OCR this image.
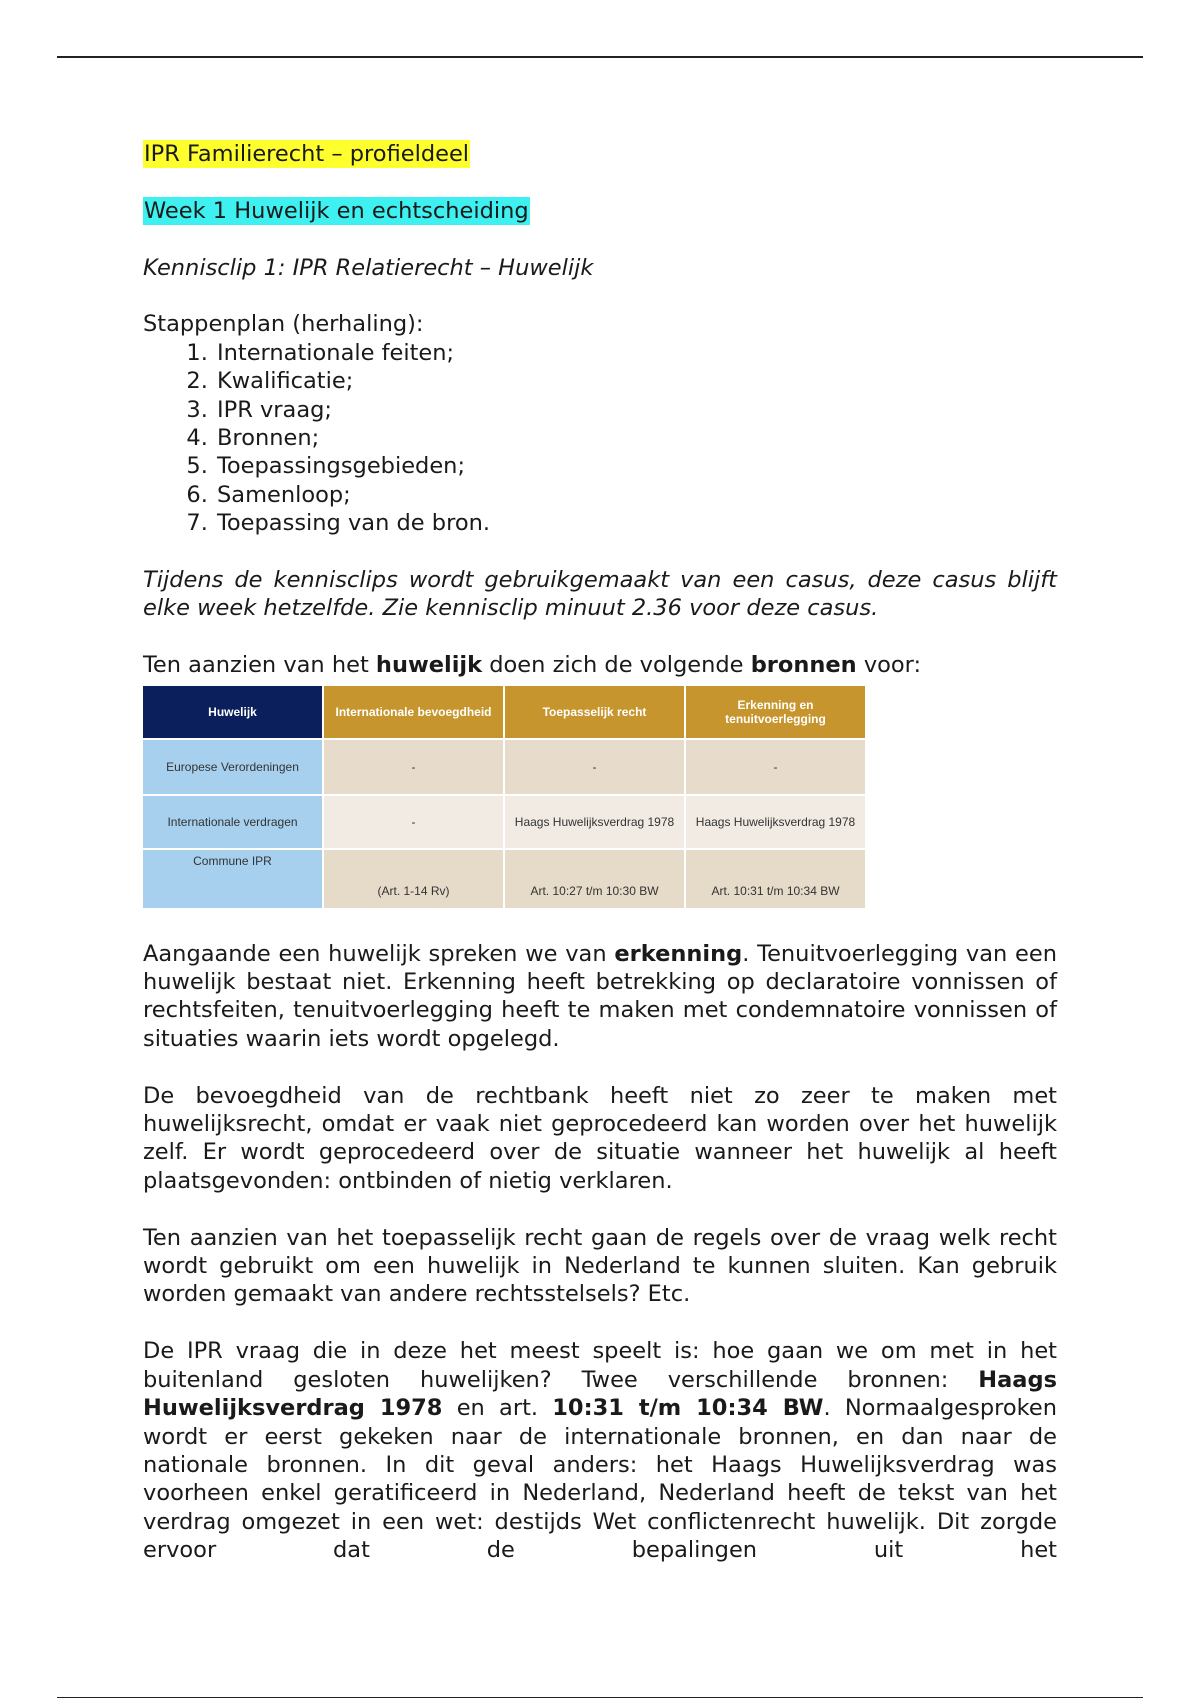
IPR Familierecht – profieldeel

Week 1 Huwelijk en echtscheiding

Kennisclip 1: IPR Relatierecht – Huwelijk

Stappenplan (herhaling):

1. Internationale feiten;
2. Kwalificatie;
3. IPR vraag;
4. Bronnen;
5. Toepassingsgebieden;
6. Samenloop;
7. Toepassing van de bron.

Tijdens de kennisclips wordt gebruikgemaakt van een casus, deze casus blijft elke week hetzelfde. Zie kennisclip minuut 2.36 voor deze casus.

Ten aanzien van het huwelijk doen zich de volgende bronnen voor:

Huwelijk	Internationale bevoegdheid	Toepasselijk recht	Erkenning en tenuitvoerlegging
Europese Verordeningen	-	-	-
Internationale verdragen	-	Haags Huwelijksverdrag 1978	Haags Huwelijksverdrag 1978
Commune IPR	(Art. 1-14 Rv)	Art. 10:27 t/m 10:30 BW	Art. 10:31 t/m 10:34 BW

Aangaande een huwelijk spreken we van erkenning. Tenuitvoerlegging van een huwelijk bestaat niet. Erkenning heeft betrekking op declaratoire vonnissen of rechtsfeiten, tenuitvoerlegging heeft te maken met condemnatoire vonnissen of situaties waarin iets wordt opgelegd.

De bevoegdheid van de rechtbank heeft niet zo zeer te maken met huwelijksrecht, omdat er vaak niet geprocedeerd kan worden over het huwelijk zelf. Er wordt geprocedeerd over de situatie wanneer het huwelijk al heeft plaatsgevonden: ontbinden of nietig verklaren.

Ten aanzien van het toepasselijk recht gaan de regels over de vraag welk recht wordt gebruikt om een huwelijk in Nederland te kunnen sluiten. Kan gebruik worden gemaakt van andere rechtsstelsels? Etc.

De IPR vraag die in deze het meest speelt is: hoe gaan we om met in het buitenland gesloten huwelijken? Twee verschillende bronnen: Haags Huwelijksverdrag 1978 en art. 10:31 t/m 10:34 BW. Normaalgesproken wordt er eerst gekeken naar de internationale bronnen, en dan naar de nationale bronnen. In dit geval anders: het Haags Huwelijksverdrag was voorheen enkel geratificeerd in Nederland, Nederland heeft de tekst van het verdrag omgezet in een wet: destijds Wet conflictenrecht huwelijk. Dit zorgde ervoor dat de bepalingen uit het
